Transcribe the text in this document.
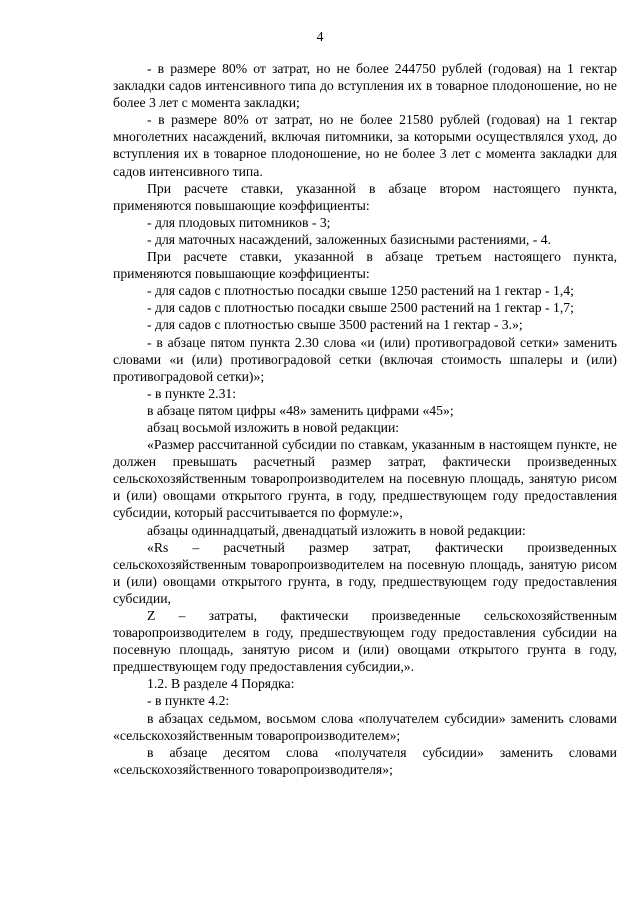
4

- в размере 80% от затрат, но не более 244750 рублей (годовая) на 1 гектар закладки садов интенсивного типа до вступления их в товарное плодоношение, но не более 3 лет с момента закладки;

- в размере 80% от затрат, но не более 21580 рублей (годовая) на 1 гектар многолетних насаждений, включая питомники, за которыми осуществлялся уход, до вступления их в товарное плодоношение, но не более 3 лет с момента закладки для садов интенсивного типа.

При расчете ставки, указанной в абзаце втором настоящего пункта, применяются повышающие коэффициенты:

- для плодовых питомников - 3;

- для маточных насаждений, заложенных базисными растениями, - 4.

При расчете ставки, указанной в абзаце третьем настоящего пункта, применяются повышающие коэффициенты:

- для садов с плотностью посадки свыше 1250 растений на 1 гектар - 1,4;

- для садов с плотностью посадки свыше 2500 растений на 1 гектар - 1,7;

- для садов с плотностью свыше 3500 растений на 1 гектар - 3.»;

- в абзаце пятом пункта 2.30 слова «и (или) противоградовой сетки» заменить словами «и (или) противоградовой сетки (включая стоимость шпалеры и (или) противоградовой сетки)»;

- в пункте 2.31:

в абзаце пятом цифры «48» заменить цифрами «45»;

абзац восьмой изложить в новой редакции:

«Размер рассчитанной субсидии по ставкам, указанным в настоящем пункте, не должен превышать расчетный размер затрат, фактически произведенных сельскохозяйственным товаропроизводителем на посевную площадь, занятую рисом и (или) овощами открытого грунта, в году, предшествующем году предоставления субсидии, который рассчитывается по формуле:»,

абзацы одиннадцатый, двенадцатый изложить в новой редакции:

«Rs – расчетный размер затрат, фактически произведенных сельскохозяйственным товаропроизводителем на посевную площадь, занятую рисом и (или) овощами открытого грунта, в году, предшествующем году предоставления субсидии,

Z – затраты, фактически произведенные сельскохозяйственным товаропроизводителем в году, предшествующем году предоставления субсидии на посевную площадь, занятую рисом и (или) овощами открытого грунта в году, предшествующем году предоставления субсидии,».

1.2. В разделе 4 Порядка:

- в пункте 4.2:

в абзацах седьмом, восьмом слова «получателем субсидии» заменить словами «сельскохозяйственным товаропроизводителем»;

в абзаце десятом слова «получателя субсидии» заменить словами «сельскохозяйственного товаропроизводителя»;
